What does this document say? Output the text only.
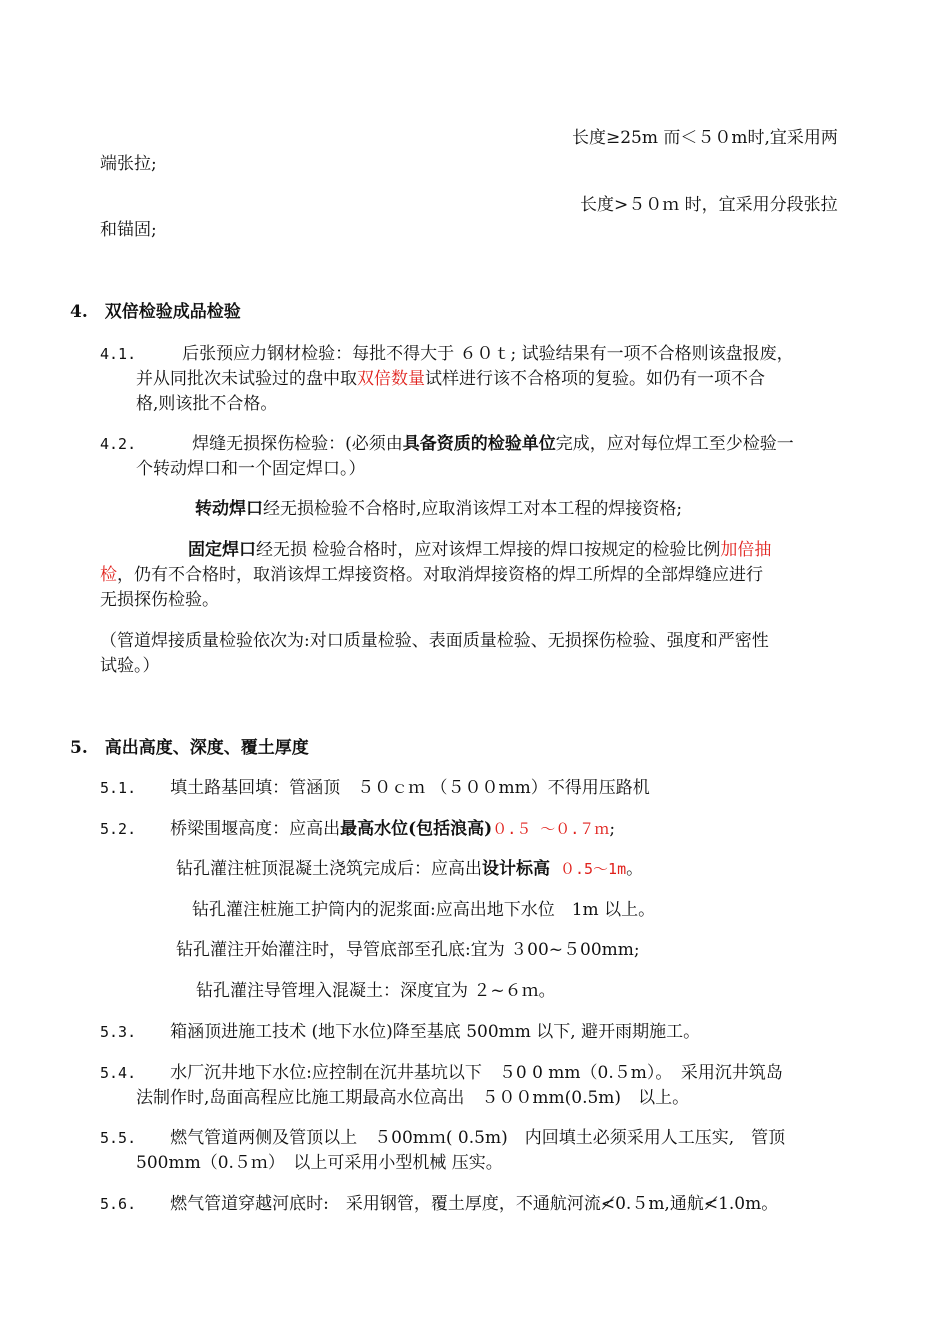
长度≥25m 而＜５０m时,宜采用两
端张拉;
长度>５０ｍ 时，宜采用分段张拉
和锚固;
4.　双倍检验成品检验
4.1.	后张预应力钢材检验：每批不得大于 ６０ｔ; 试验结果有一项不合格则该盘报废，
并从同批次未试验过的盘中取双倍数量试样进行该不合格项的复验。如仍有一项不合
格,则该批不合格。
4.2.	焊缝无损探伤检验：(必须由具备资质的检验单位完成，应对每位焊工至少检验一
个转动焊口和一个固定焊口。）
转动焊口经无损检验不合格时,应取消该焊工对本工程的焊接资格;
固定焊口经无损 检验合格时，应对该焊工焊接的焊口按规定的检验比例加倍抽
检，仍有不合格时，取消该焊工焊接资格。对取消焊接资格的焊工所焊的全部焊缝应进行
无损探伤检验。
（管道焊接质量检验依次为:对口质量检验、表面质量检验、无损探伤检验、强度和严密性
试验。）
5.　高出高度、深度、覆土厚度
5.1. 填土路基回填：管涵顶　５０ｃｍ （５００mm）不得用压路机
5.2. 桥梁围堰高度：应高出最高水位(包括浪高)０.５ ～０.７ｍ;
钻孔灌注桩顶混凝土浇筑完成后：应高出设计标高 ０.5～1m。
钻孔灌注桩施工护筒内的泥浆面:应高出地下水位　1m 以上。
钻孔灌注开始灌注时，导管底部至孔底:宜为 ３00~５00mm;
钻孔灌注导管埋入混凝土：深度宜为 ２~６ｍ。
5.3. 箱涵顶进施工技术 (地下水位)降至基底 500mm 以下, 避开雨期施工。
5.4. 水厂沉井地下水位:应控制在沉井基坑以下　５0 0 mm（0.５m）。　采用沉井筑岛
法制作时,岛面高程应比施工期最高水位高出　５００mm(0.5m)　以上。
5.5. 燃气管道两侧及管顶以上　５00mｍ( 0.5m)　内回填土必须采用人工压实,　管顶
500mm（0.５ｍ）　以上可采用小型机械 压实。
5.6. 燃气管道穿越河底时:　采用钢管，覆土厚度，不通航河流≮0.５m,通航≮1.0m。
